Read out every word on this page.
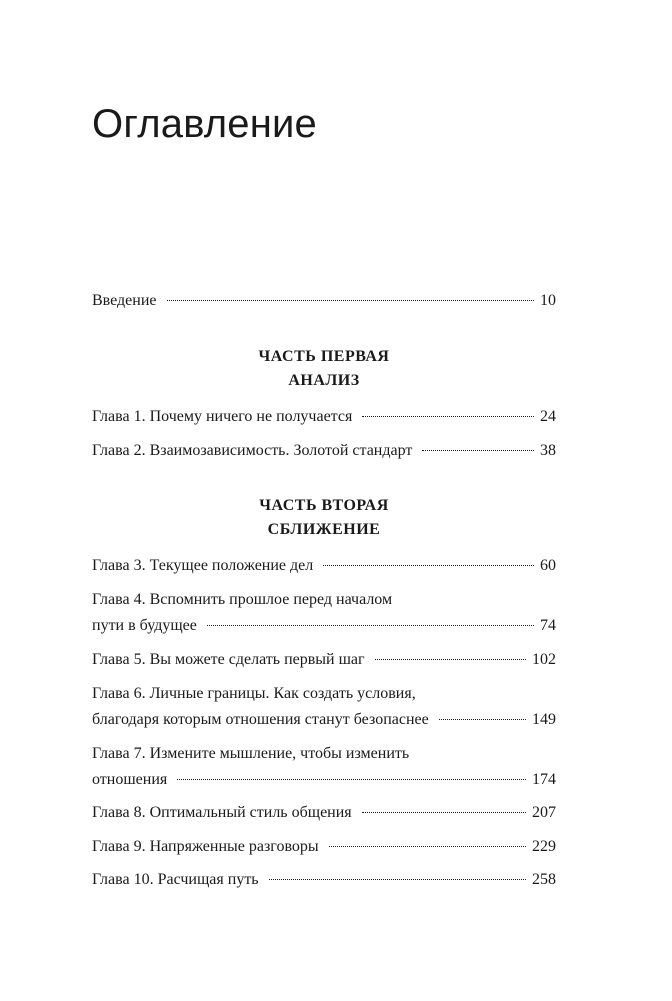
Оглавление
Введение	10
ЧАСТЬ ПЕРВАЯ
АНАЛИЗ
Глава 1. Почему ничего не получается	24
Глава 2. Взаимозависимость. Золотой стандарт	38
ЧАСТЬ ВТОРАЯ
СБЛИЖЕНИЕ
Глава 3. Текущее положение дел	60
Глава 4. Вспомнить прошлое перед началом
пути в будущее	74
Глава 5. Вы можете сделать первый шаг	102
Глава 6. Личные границы. Как создать условия,
благодаря которым отношения станут безопаснее	149
Глава 7. Измените мышление, чтобы изменить
отношения	174
Глава 8. Оптимальный стиль общения	207
Глава 9. Напряженные разговоры	229
Глава 10. Расчищая путь	258
